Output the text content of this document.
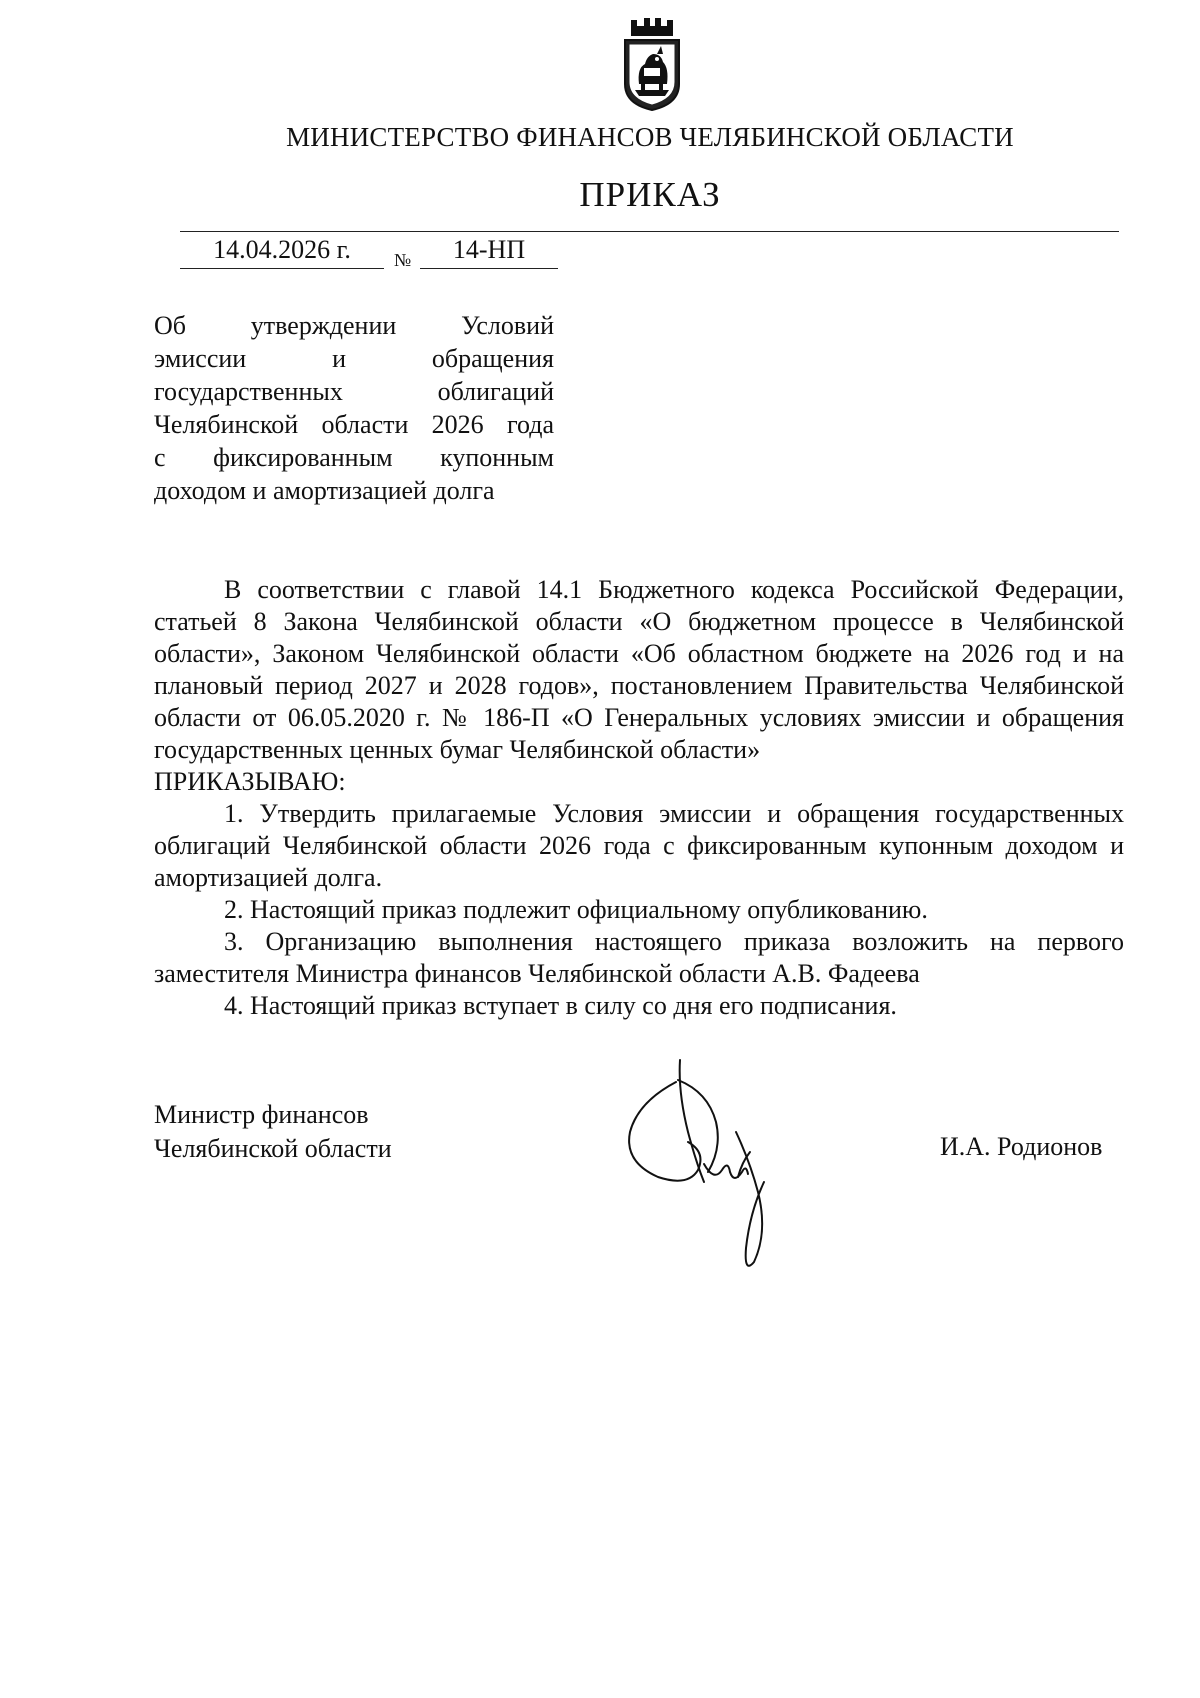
МИНИСТЕРСТВО ФИНАНСОВ ЧЕЛЯБИНСКОЙ ОБЛАСТИ
ПРИКАЗ
14.04.2026 г.	№	14-НП
Об утверждении Условий
эмиссии и обращения
государственных облигаций
Челябинской области 2026 года
с фиксированным купонным
доходом и амортизацией долга

В соответствии с главой 14.1 Бюджетного кодекса Российской Федерации, статьей 8 Закона Челябинской области «О бюджетном процессе в Челябинской области», Законом Челябинской области «Об областном бюджете на 2026 год и на плановый период 2027 и 2028 годов», постановлением Правительства Челябинской области от 06.05.2020 г. № 186-П «О Генеральных условиях эмиссии и обращения государственных ценных бумаг Челябинской области»

ПРИКАЗЫВАЮ:

1. Утвердить прилагаемые Условия эмиссии и обращения государственных облигаций Челябинской области 2026 года с фиксированным купонным доходом и амортизацией долга.

2. Настоящий приказ подлежит официальному опубликованию.

3. Организацию выполнения настоящего приказа возложить на первого заместителя Министра финансов Челябинской области А.В. Фадеева

4. Настоящий приказ вступает в силу со дня его подписания.

Министр финансов
Челябинской области	И.А. Родионов
